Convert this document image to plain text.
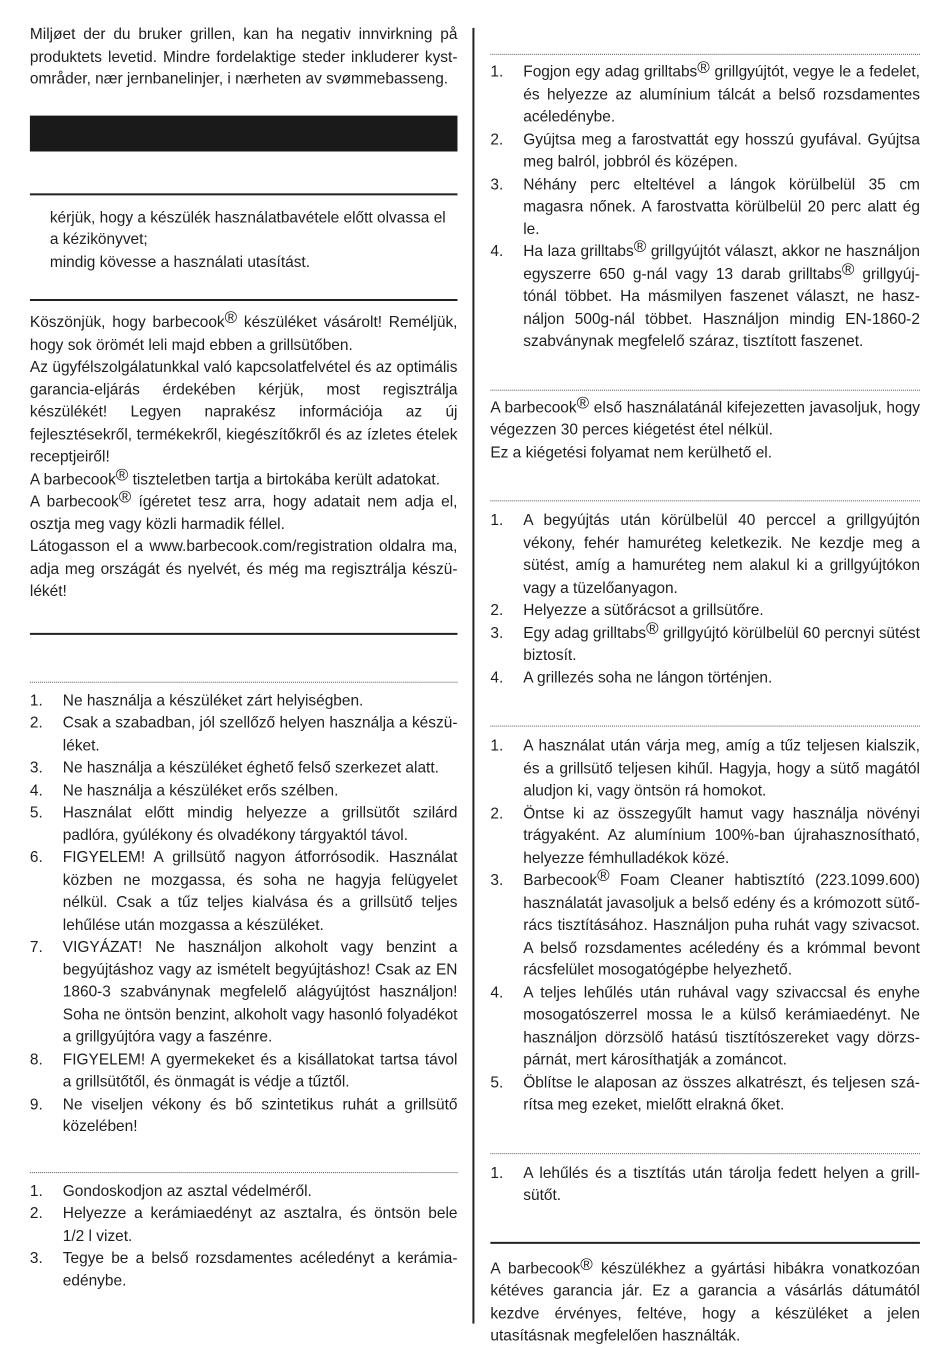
Miljøet der du bruker grillen, kan ha negativ innvirkning på produktets levetid. Mindre fordelaktige steder inkluderer kystområder, nær jernbanelinjer, i nærheten av svømmebasseng.

kérjük, hogy a készülék használatbavétele előtt olvassa el a kézikönyvet;

mindig kövesse a használati utasítást.

Köszönjük, hogy barbecook® készüléket vásárolt! Reméljük, hogy sok örömét leli majd ebben a grillsütőben.

Az ügyfélszolgálatunkkal való kapcsolatfelvétel és az optimális garancia-eljárás érdekében kérjük, most regisztrálja készülékét! Legyen naprakész információja az új fejlesztésekről, termékekről, kiegészítőkről és az ízletes ételek receptjeiről!

A barbecook® tiszteletben tartja a birtokába került adatokat.

A barbecook® ígéretet tesz arra, hogy adatait nem adja el, osztja meg vagy közli harmadik féllel.

Látogasson el a www.barbecook.com/registration oldalra ma, adja meg országát és nyelvét, és még ma regisztrálja készülékét!

1. Ne használja a készüléket zárt helyiségben.
2. Csak a szabadban, jól szellőző helyen használja a készüléket.
3. Ne használja a készüléket éghető felső szerkezet alatt.
4. Ne használja a készüléket erős szélben.
5. Használat előtt mindig helyezze a grillsütőt szilárd padlóra, gyúlékony és olvadékony tárgyaktól távol.
6. FIGYELEM! A grillsütő nagyon átforrósodik. Használat közben ne mozgassa, és soha ne hagyja felügyelet nélkül. Csak a tűz teljes kialvása és a grillsütő teljes lehűlése után mozgassa a készüléket.
7. VIGYÁZAT! Ne használjon alkoholt vagy benzint a begyújtáshoz vagy az ismételt begyújtáshoz! Csak az EN 1860-3 szabványnak megfelelő alágyújtóst használjon! Soha ne öntsön benzint, alkoholt vagy hasonló folyadékot a grillgyújtóra vagy a faszénre.
8. FIGYELEM! A gyermekeket és a kisállatokat tartsa távol a grillsütőtől, és önmagát is védje a tűztől.
9. Ne viseljen vékony és bő szintetikus ruhát a grillsütő közelében!
1. Gondoskodjon az asztal védelméről.
2. Helyezze a kerámiaedényt az asztalra, és öntsön bele 1/2 l vizet.
3. Tegye be a belső rozsdamentes acéledényt a kerámiaedénybe.
1. Fogjon egy adag grilltabs® grillgyújtót, vegye le a fedelet, és helyezze az alumínium tálcát a belső rozsdamentes acéledénybe.
2. Gyújtsa meg a farostvattát egy hosszú gyufával. Gyújtsa meg balról, jobbról és középen.
3. Néhány perc elteltével a lángok körülbelül 35 cm magasra nőnek. A farostvatta körülbelül 20 perc alatt ég le.
4. Ha laza grilltabs® grillgyújtót választ, akkor ne használjon egyszerre 650 g-nál vagy 13 darab grilltabs® grillgyújtónál többet. Ha másmilyen faszenet választ, ne használjon 500g-nál többet. Használjon mindig EN-1860-2 szabványnak megfelelő száraz, tisztított faszenet.

A barbecook® első használatánál kifejezetten javasoljuk, hogy végezzen 30 perces kiégetést étel nélkül.

Ez a kiégetési folyamat nem kerülhető el.

1. A begyújtás után körülbelül 40 perccel a grillgyújtón vékony, fehér hamuréteg keletkezik. Ne kezdje meg a sütést, amíg a hamuréteg nem alakul ki a grillgyújtókon vagy a tüzelőanyagon.
2. Helyezze a sütőrácsot a grillsütőre.
3. Egy adag grilltabs® grillgyújtó körülbelül 60 percnyi sütést biztosít.
4. A grillezés soha ne lángon történjen.
1. A használat után várja meg, amíg a tűz teljesen kialszik, és a grillsütő teljesen kihűl. Hagyja, hogy a sütő magától aludjon ki, vagy öntsön rá homokot.
2. Öntse ki az összegyűlt hamut vagy használja növényi trágyaként. Az alumínium 100%-ban újrahasznosítható, helyezze fémhulladékok közé.
3. Barbecook® Foam Cleaner habtisztító (223.1099.600) használatát javasoljuk a belső edény és a krómozott sütőrács tisztításához. Használjon puha ruhát vagy szivacsot. A belső rozsdamentes acéledény és a krómmal bevont rácsfelület mosogatógépbe helyezhető.
4. A teljes lehűlés után ruhával vagy szivaccsal és enyhe mosogatószerrel mossa le a külső kerámiaedényt. Ne használjon dörzsölő hatású tisztítószereket vagy dörzspárnát, mert károsíthatják a zománcot.
5. Öblítse le alaposan az összes alkatrészt, és teljesen szárítsa meg ezeket, mielőtt elrakná őket.
1. A lehűlés és a tisztítás után tárolja fedett helyen a grillsütőt.

A barbecook® készülékhez a gyártási hibákra vonatkozóan kétéves garancia jár. Ez a garancia a vásárlás dátumától kezdve érvényes, feltéve, hogy a készüléket a jelen utasításnak megfelelően használták.
